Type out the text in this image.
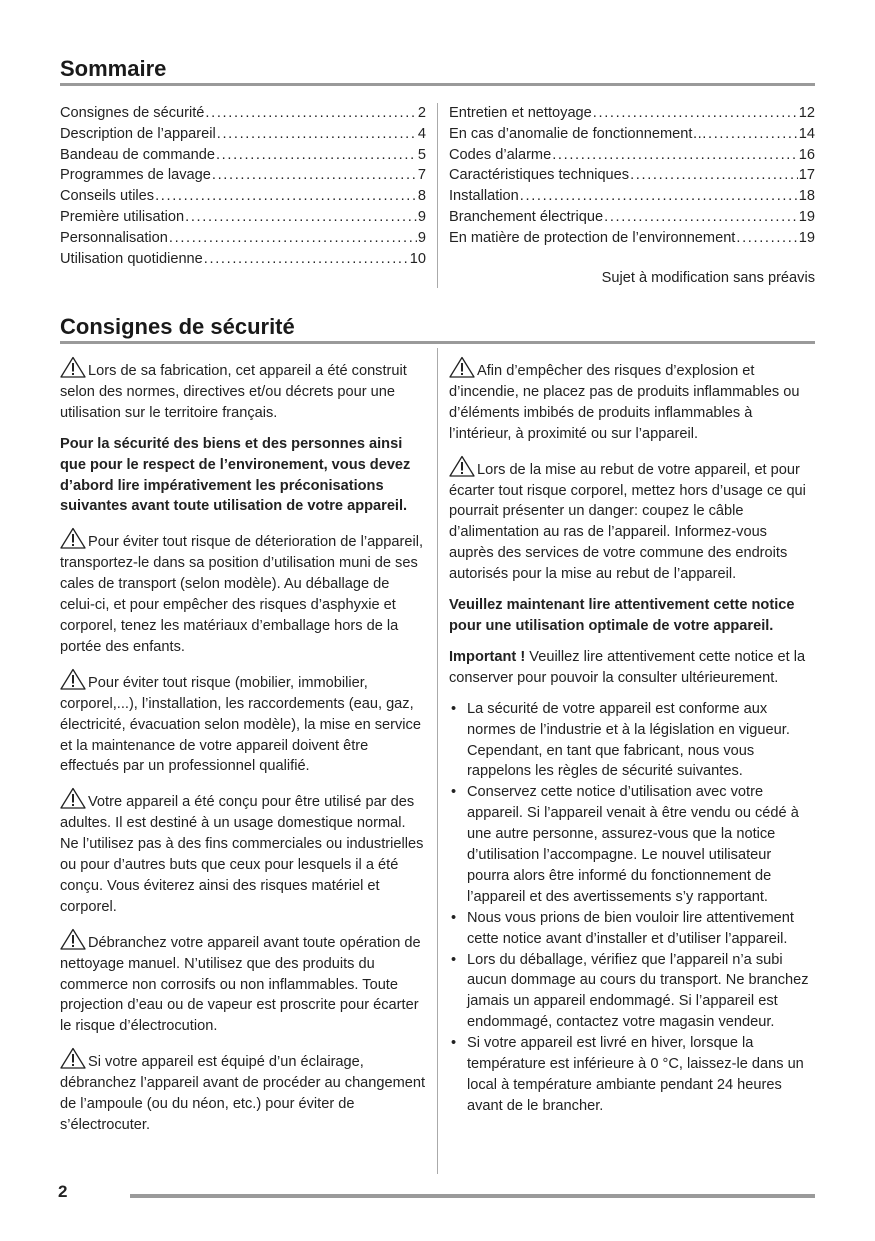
Sommaire
Consignes de sécurité . . .	2
Description de l’appareil . . .	4
Bandeau de commande . . .	5
Programmes de lavage . . .	7
Conseils utiles . . .	8
Première utilisation . . .	9
Personnalisation . . .	9
Utilisation quotidienne . . .	10
Entretien et nettoyage . . .	12
En cas d’anomalie de fonctionnement… . . .	14
Codes d’alarme . . .	16
Caractéristiques techniques . . .	17
Installation . . .	18
Branchement électrique . . .	19
En matière de protection de l’environnement . . .	19
Sujet à modification sans préavis
Consignes de sécurité

Lors de sa fabrication, cet appareil a été construit selon des normes, directives et/ou décrets pour une utilisation sur le territoire français.

Pour la sécurité des biens et des personnes ainsi que pour le respect de l’environement, vous devez d’abord lire impérativement les préconisations suivantes avant toute utilisation de votre appareil.

Pour éviter tout risque de déterioration de l’appareil, transportez-le dans sa position d’utilisation muni de ses cales de transport (selon modèle). Au déballage de celui-ci, et pour empêcher des risques d’asphyxie et corporel, tenez les matériaux d’emballage hors de la portée des enfants.

Pour éviter tout risque (mobilier, immobilier, corporel,...), l’installation, les raccordements (eau, gaz, électricité, évacuation selon modèle), la mise en service et la maintenance de votre appareil doivent être effectués par un professionnel qualifié.

Votre appareil a été conçu pour être utilisé par des adultes. Il est destiné à un usage domestique normal. Ne l’utilisez pas à des fins commerciales ou industrielles ou pour d’autres buts que ceux pour lesquels il a été conçu. Vous éviterez ainsi des risques matériel et corporel.

Débranchez votre appareil avant toute opération de nettoyage manuel. N’utilisez que des produits du commerce non corrosifs ou non inflammables. Toute projection d’eau ou de vapeur est proscrite pour écarter le risque d’électrocution.

Si votre appareil est équipé d’un éclairage, débranchez l’appareil avant de procéder au changement de l’ampoule (ou du néon, etc.) pour éviter de s’électrocuter.

Afin d’empêcher des risques d’explosion et d’incendie, ne placez pas de produits inflammables ou d’éléments imbibés de produits inflammables à l’intérieur, à proximité ou sur l’appareil.

Lors de la mise au rebut de votre appareil, et pour écarter tout risque corporel, mettez hors d’usage ce qui pourrait présenter un danger: coupez le câble d’alimentation au ras de l’appareil. Informez-vous auprès des services de votre commune des endroits autorisés pour la mise au rebut de l’appareil.

Veuillez maintenant lire attentivement cette notice pour une utilisation optimale de votre appareil.

Important ! Veuillez lire attentivement cette notice et la conserver pour pouvoir la consulter ultérieurement.

• La sécurité de votre appareil est conforme aux normes de l’industrie et à la législation en vigueur. Cependant, en tant que fabricant, nous vous rappelons les règles de sécurité suivantes.
• Conservez cette notice d’utilisation avec votre appareil. Si l’appareil venait à être vendu ou cédé à une autre personne, assurez-vous que la notice d’utilisation l’accompagne. Le nouvel utilisateur pourra alors être informé du fonctionnement de l’appareil et des avertissements s’y rapportant.
• Nous vous prions de bien vouloir lire attentivement cette notice avant d’installer et d’utiliser l’appareil.
• Lors du déballage, vérifiez que l’appareil n’a subi aucun dommage au cours du transport. Ne branchez jamais un appareil endommagé. Si l’appareil est endommagé, contactez votre magasin vendeur.
• Si votre appareil est livré en hiver, lorsque la température est inférieure à 0 °C, laissez-le dans un local à température ambiante pendant 24 heures avant de le brancher.
2
